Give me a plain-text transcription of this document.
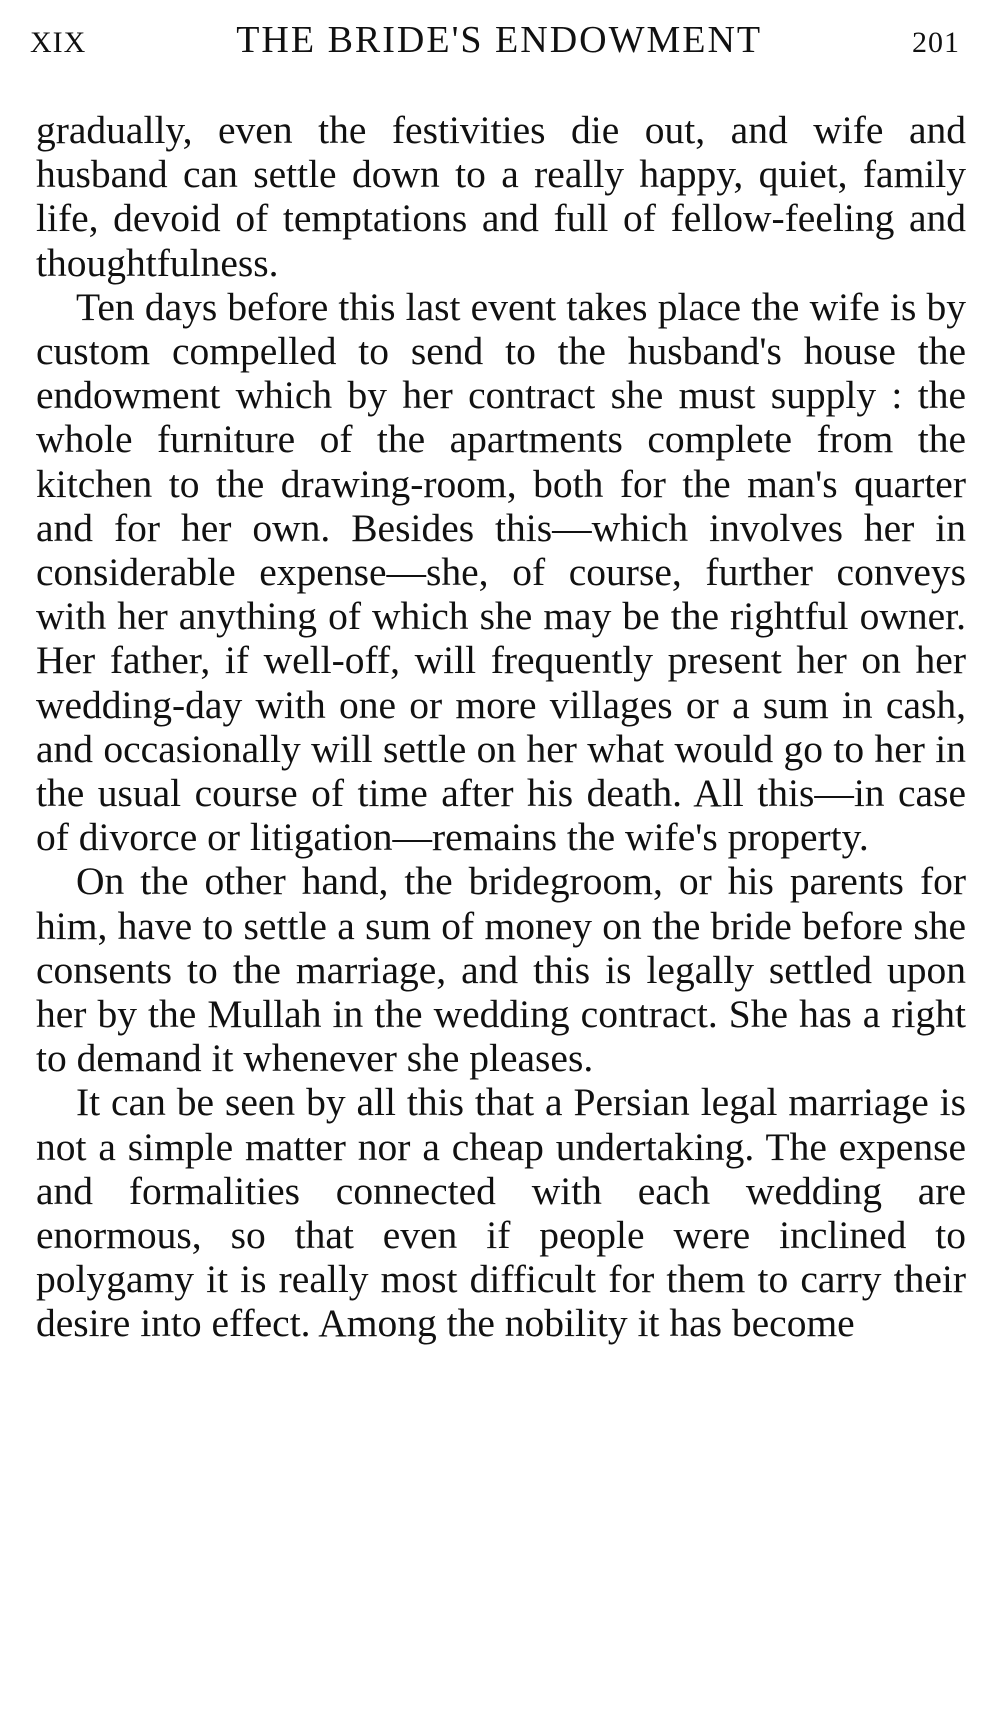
XIX	THE BRIDE'S ENDOWMENT	201

gradually, even the festivities die out, and wife and husband can settle down to a really happy, quiet, family life, devoid of temptations and full of fellow-feeling and thoughtfulness.

Ten days before this last event takes place the wife is by custom compelled to send to the husband's house the endowment which by her contract she must supply : the whole furniture of the apartments complete from the kitchen to the drawing-room, both for the man's quarter and for her own. Besides this—which involves her in considerable expense—she, of course, further conveys with her anything of which she may be the rightful owner. Her father, if well-off, will frequently present her on her wedding-day with one or more villages or a sum in cash, and occasionally will settle on her what would go to her in the usual course of time after his death. All this—in case of divorce or litigation—remains the wife's property.

On the other hand, the bridegroom, or his parents for him, have to settle a sum of money on the bride before she consents to the marriage, and this is legally settled upon her by the Mullah in the wedding contract. She has a right to demand it whenever she pleases.

It can be seen by all this that a Persian legal marriage is not a simple matter nor a cheap undertaking. The expense and formalities connected with each wedding are enormous, so that even if people were inclined to polygamy it is really most difficult for them to carry their desire into effect. Among the nobility it has become
